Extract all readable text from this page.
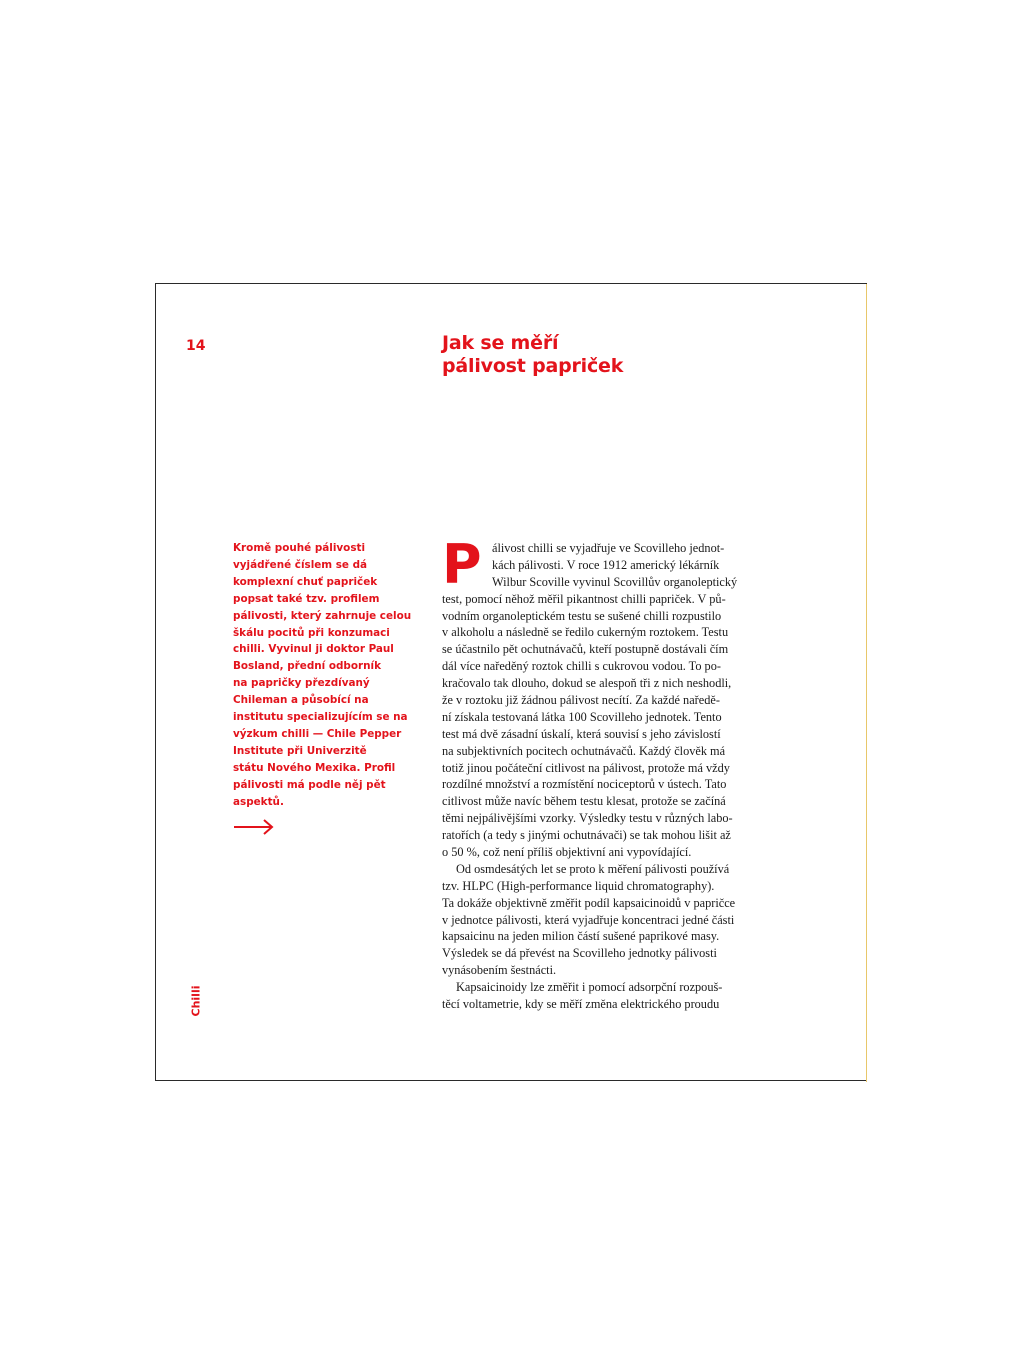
14	Jak se měří
pálivost papriček
Kromě pouhé pálivosti
vyjádřené číslem se dá
komplexní chuť papriček
popsat také tzv. profilem
pálivosti, který zahrnuje celou
škálu pocitů při konzumaci
chilli. Vyvinul ji doktor Paul
Bosland, přední odborník
na papričky přezdívaný
Chileman a působící na
institutu specializujícím se na
výzkum chilli — Chile Pepper
Institute při Univerzitě
státu Nového Mexika. Profil
pálivosti má podle něj pět
aspektů.
Chilli
P álivost chilli se vyjadřuje ve Scovilleho jednot-
kách pálivosti. V roce 1912 americký lékárník
Wilbur Scoville vyvinul Scovillův organoleptický
test, pomocí něhož měřil pikantnost chilli papriček. V pů-
vodním organoleptickém testu se sušené chilli rozpustilo
v alkoholu a následně se ředilo cukerným roztokem. Testu
se účastnilo pět ochutnávačů, kteří postupně dostávali čím
dál více naředěný roztok chilli s cukrovou vodou. To po-
kračovalo tak dlouho, dokud se alespoň tři z nich neshodli,
že v roztoku již žádnou pálivost necítí. Za každé naředě-
ní získala testovaná látka 100 Scovilleho jednotek. Tento
test má dvě zásadní úskalí, která souvisí s jeho závislostí
na subjektivních pocitech ochutnávačů. Každý člověk má
totiž jinou počáteční citlivost na pálivost, protože má vždy
rozdílné množství a rozmístění nociceptorů v ústech. Tato
citlivost může navíc během testu klesat, protože se začíná
těmi nejpálivějšími vzorky. Výsledky testu v různých labo-
ratořích (a tedy s jinými ochutnávači) se tak mohou lišit až
o 50 %, což není příliš objektivní ani vypovídající.
Od osmdesátých let se proto k měření pálivosti používá
tzv. HLPC (High-performance liquid chromatography).
Ta dokáže objektivně změřit podíl kapsaicinoidů v papričce
v jednotce pálivosti, která vyjadřuje koncentraci jedné části
kapsaicinu na jeden milion částí sušené paprikové masy.
Výsledek se dá převést na Scovilleho jednotky pálivosti
vynásobením šestnácti.
Kapsaicinoidy lze změřit i pomocí adsorpční rozpouš-
těcí voltametrie, kdy se měří změna elektrického proudu
